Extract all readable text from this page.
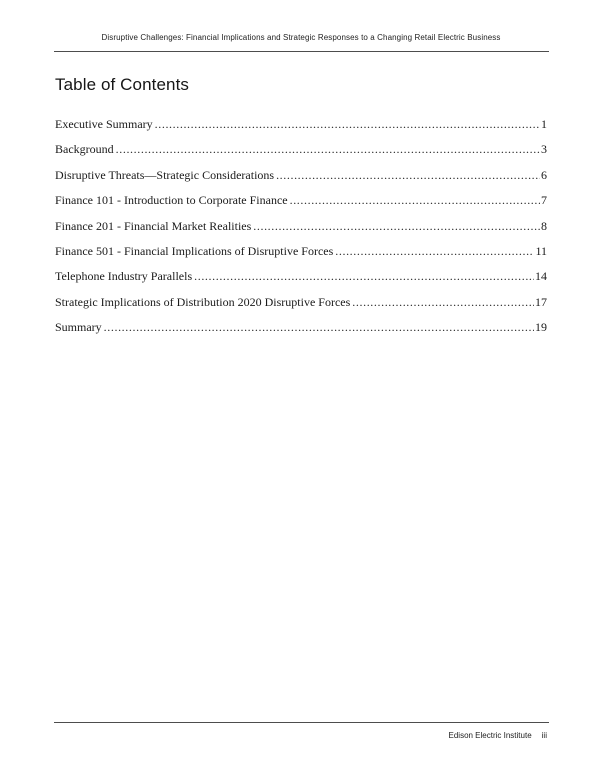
Disruptive Challenges: Financial Implications and Strategic Responses to a Changing Retail Electric Business
Table of Contents
Executive Summary .....	1
Background .....	3
Disruptive Threats—Strategic Considerations .....	6
Finance 101 - Introduction to Corporate Finance .....	7
Finance 201 - Financial Market Realities .....	8
Finance 501 - Financial Implications of Disruptive Forces .....	11
Telephone Industry Parallels .....	14
Strategic Implications of Distribution 2020 Disruptive Forces .....	17
Summary .....	19
Edison Electric Institute iii
